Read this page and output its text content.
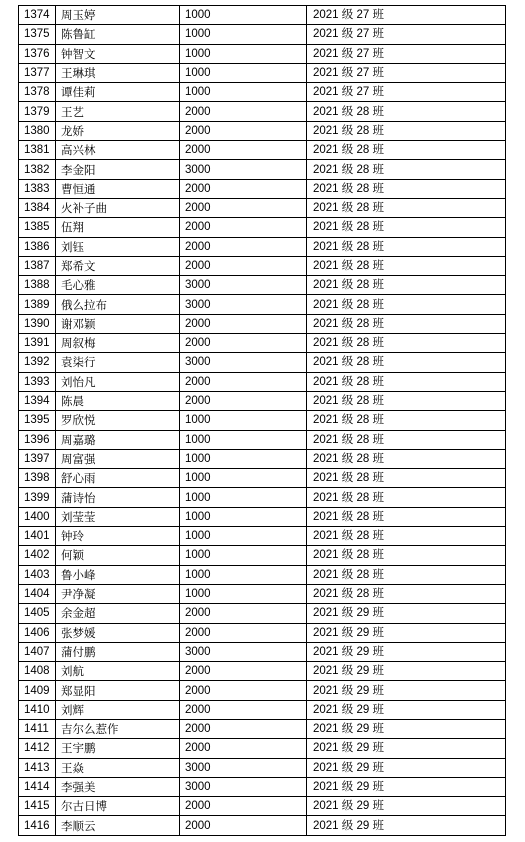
1374	周玉婷	1000	2021 级 27 班
1375	陈鲁缸	1000	2021 级 27 班
1376	钟智文	1000	2021 级 27 班
1377	王琳琪	1000	2021 级 27 班
1378	谭佳莉	1000	2021 级 27 班
1379	王艺	2000	2021 级 28 班
1380	龙娇	2000	2021 级 28 班
1381	高兴林	2000	2021 级 28 班
1382	李金阳	3000	2021 级 28 班
1383	曹恒通	2000	2021 级 28 班
1384	火补子曲	2000	2021 级 28 班
1385	伍翔	2000	2021 级 28 班
1386	刘钰	2000	2021 级 28 班
1387	郑希文	2000	2021 级 28 班
1388	毛心雅	3000	2021 级 28 班
1389	俄么拉布	3000	2021 级 28 班
1390	谢邓颖	2000	2021 级 28 班
1391	周叙梅	2000	2021 级 28 班
1392	袁柒行	3000	2021 级 28 班
1393	刘怡凡	2000	2021 级 28 班
1394	陈晨	2000	2021 级 28 班
1395	罗欣悦	1000	2021 级 28 班
1396	周嘉璐	1000	2021 级 28 班
1397	周富强	1000	2021 级 28 班
1398	舒心雨	1000	2021 级 28 班
1399	蒲诗怡	1000	2021 级 28 班
1400	刘莹莹	1000	2021 级 28 班
1401	钟玲	1000	2021 级 28 班
1402	何颖	1000	2021 级 28 班
1403	鲁小峰	1000	2021 级 28 班
1404	尹净凝	1000	2021 级 28 班
1405	余金超	2000	2021 级 29 班
1406	张梦媛	2000	2021 级 29 班
1407	蒲付鹏	3000	2021 级 29 班
1408	刘航	2000	2021 级 29 班
1409	郑显阳	2000	2021 级 29 班
1410	刘辉	2000	2021 级 29 班
1411	吉尔么惹作	2000	2021 级 29 班
1412	王宇鹏	2000	2021 级 29 班
1413	王焱	3000	2021 级 29 班
1414	李强美	3000	2021 级 29 班
1415	尔古日博	2000	2021 级 29 班
1416	李顺云	2000	2021 级 29 班
